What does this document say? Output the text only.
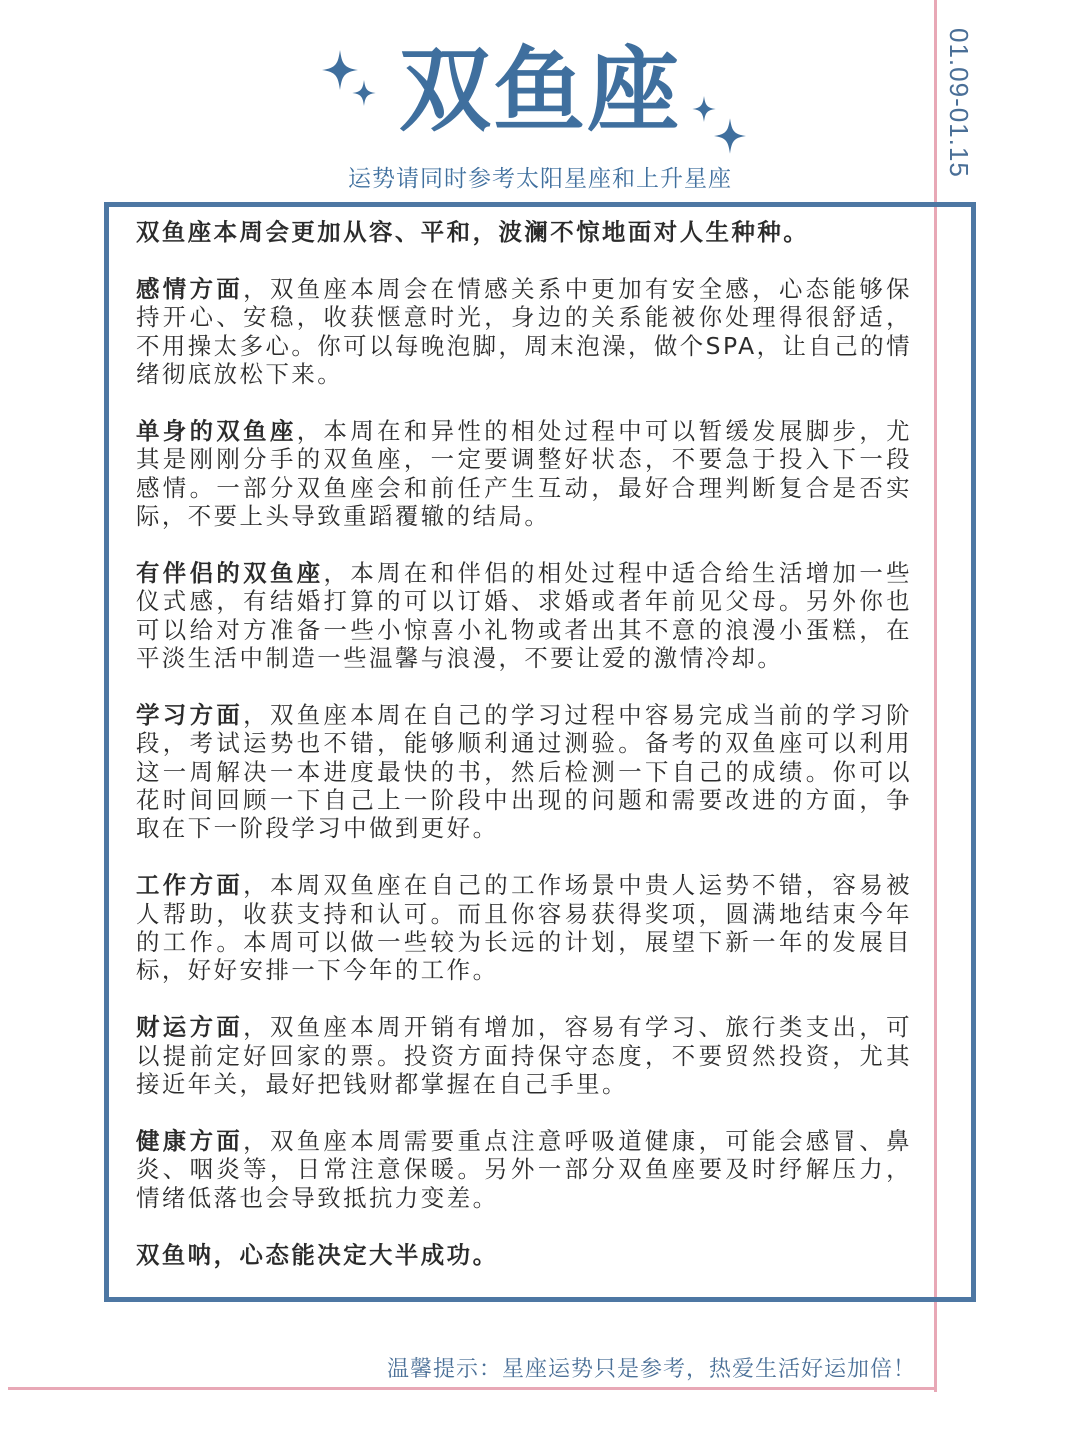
01.09-01.15
双鱼座
运势请同时参考太阳星座和上升星座

双鱼座本周会更加从容、平和，波澜不惊地面对人生种种。

感情方面，双鱼座本周会在情感关系中更加有安全感，心态能够保持开心、安稳，收获惬意时光，身边的关系能被你处理得很舒适，不用操太多心。你可以每晚泡脚，周末泡澡，做个SPA，让自己的情绪彻底放松下来。

单身的双鱼座，本周在和异性的相处过程中可以暂缓发展脚步，尤其是刚刚分手的双鱼座，一定要调整好状态，不要急于投入下一段感情。一部分双鱼座会和前任产生互动，最好合理判断复合是否实际，不要上头导致重蹈覆辙的结局。

有伴侣的双鱼座，本周在和伴侣的相处过程中适合给生活增加一些仪式感，有结婚打算的可以订婚、求婚或者年前见父母。另外你也可以给对方准备一些小惊喜小礼物或者出其不意的浪漫小蛋糕，在平淡生活中制造一些温馨与浪漫，不要让爱的激情冷却。

学习方面，双鱼座本周在自己的学习过程中容易完成当前的学习阶段，考试运势也不错，能够顺利通过测验。备考的双鱼座可以利用这一周解决一本进度最快的书，然后检测一下自己的成绩。你可以花时间回顾一下自己上一阶段中出现的问题和需要改进的方面，争取在下一阶段学习中做到更好。

工作方面，本周双鱼座在自己的工作场景中贵人运势不错，容易被人帮助，收获支持和认可。而且你容易获得奖项，圆满地结束今年的工作。本周可以做一些较为长远的计划，展望下新一年的发展目标，好好安排一下今年的工作。

财运方面，双鱼座本周开销有增加，容易有学习、旅行类支出，可以提前定好回家的票。投资方面持保守态度，不要贸然投资，尤其接近年关，最好把钱财都掌握在自己手里。

健康方面，双鱼座本周需要重点注意呼吸道健康，可能会感冒、鼻炎、咽炎等，日常注意保暖。另外一部分双鱼座要及时纾解压力，情绪低落也会导致抵抗力变差。

双鱼呐，心态能决定大半成功。

温馨提示：星座运势只是参考，热爱生活好运加倍！
